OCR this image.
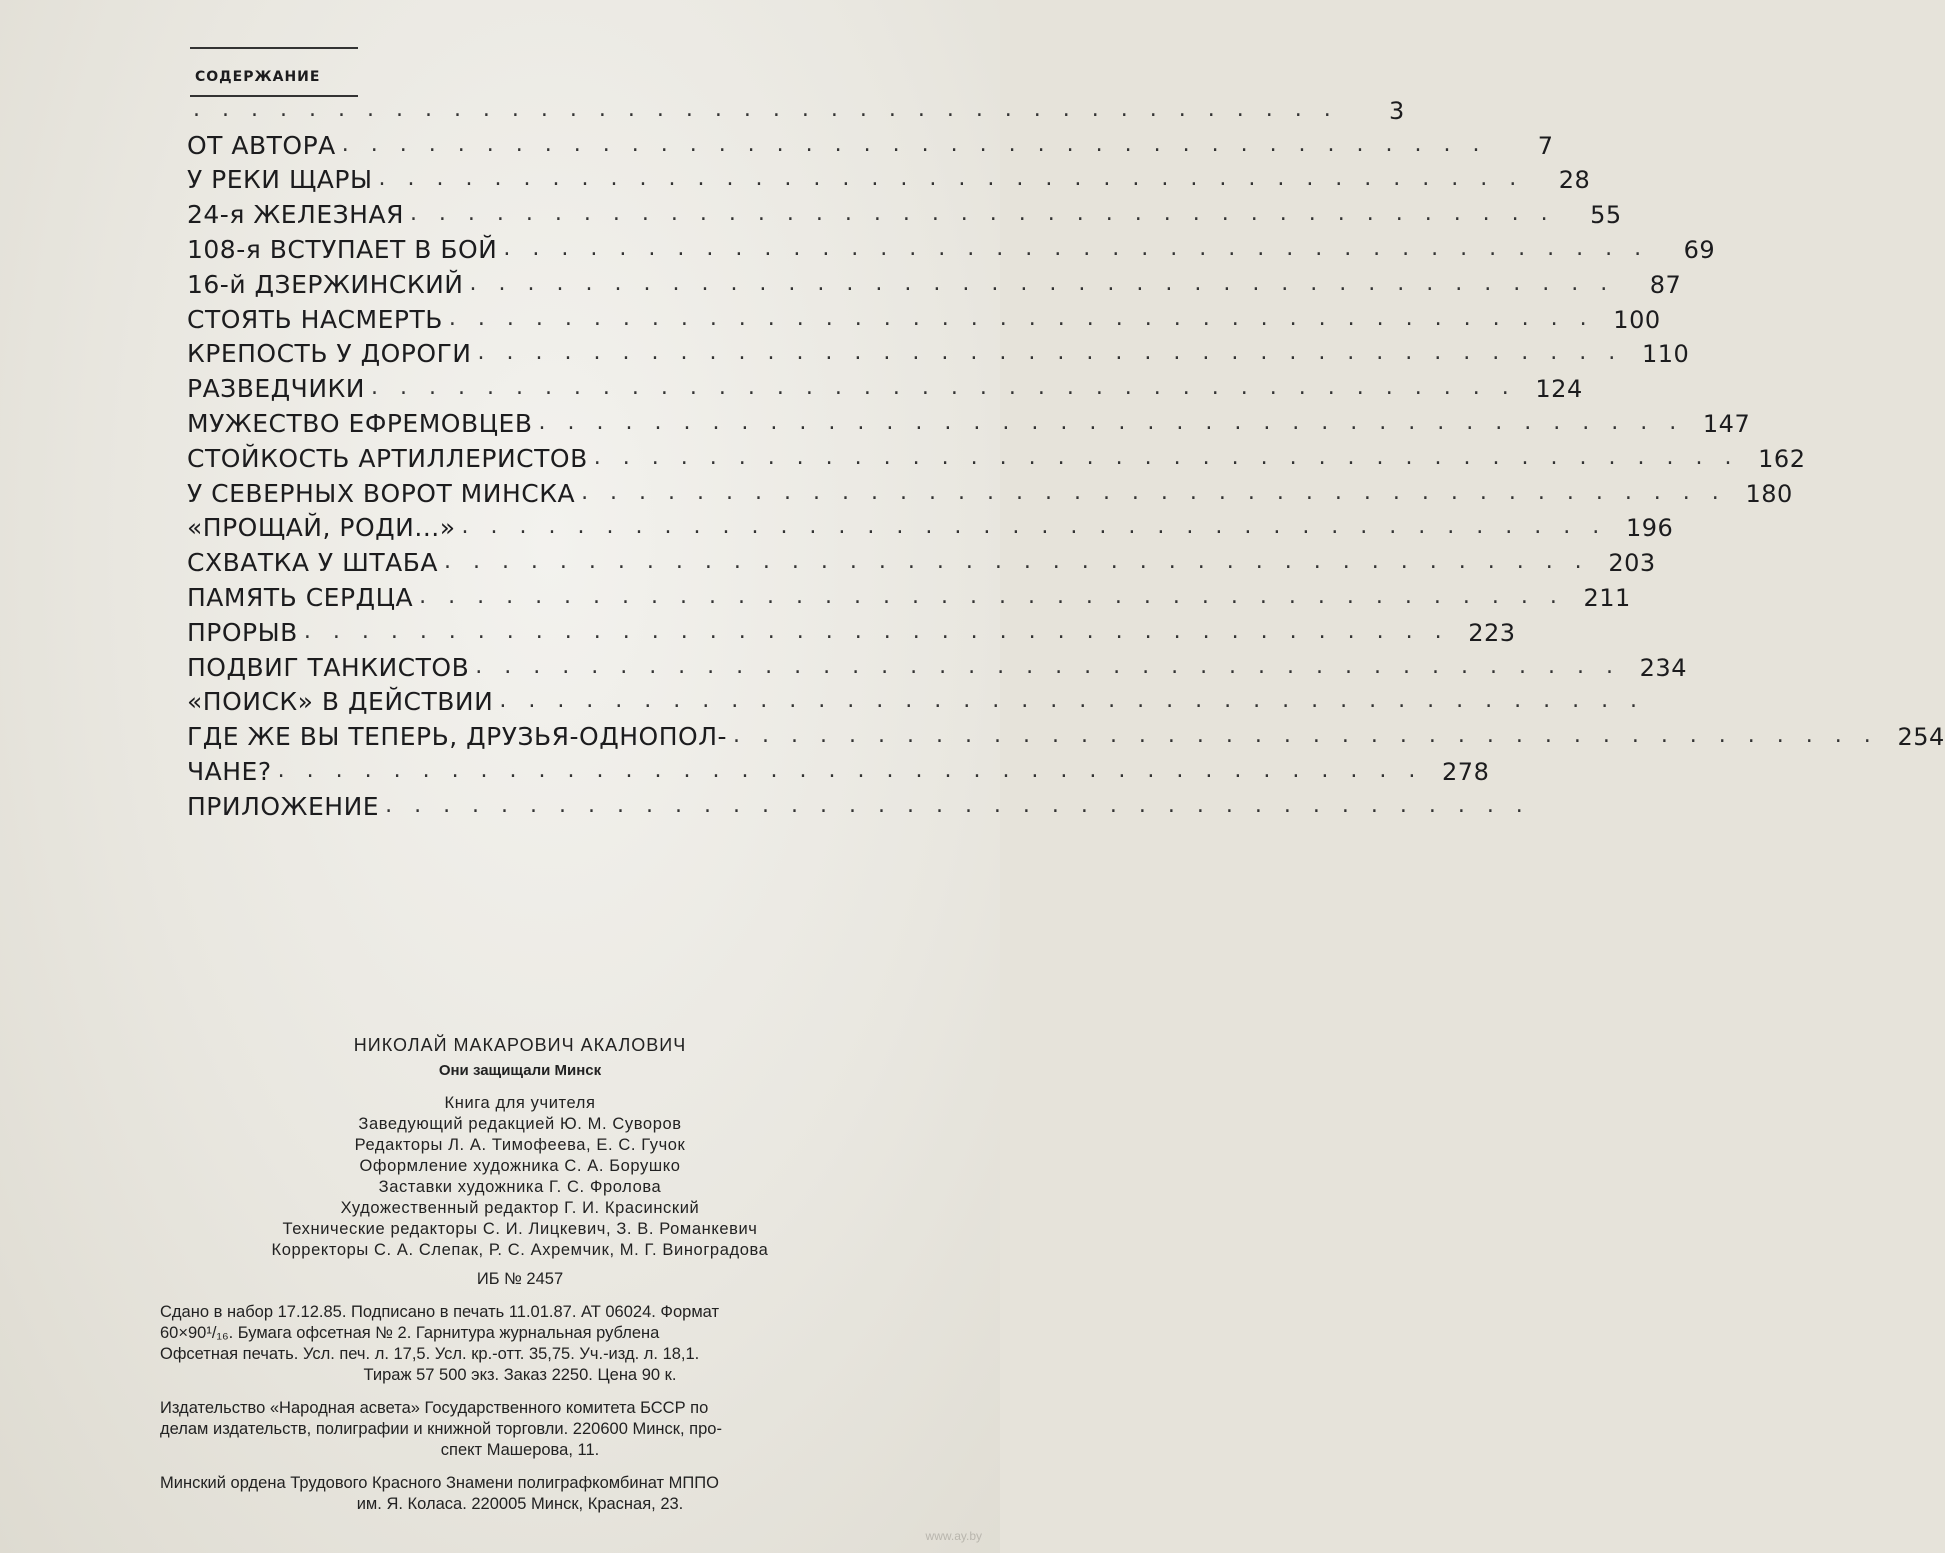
содержание
........................................	3
ОТ АВТОРА ........................................	7
У РЕКИ ЩАРЫ ........................................ 28
24-я ЖЕЛЕЗНАЯ ........................................ 55
108-я ВСТУПАЕТ В БОЙ ........................................ 69
16-й ДЗЕРЖИНСКИЙ ........................................ 87
СТОЯТЬ НАСМЕРТЬ ........................................ 100
КРЕПОСТЬ У ДОРОГИ ........................................ 110
РАЗВЕДЧИКИ ........................................ 124
МУЖЕСТВО ЕФРЕМОВЦЕВ ........................................ 147
СТОЙКОСТЬ АРТИЛЛЕРИСТОВ ........................................ 162
У СЕВЕРНЫХ ВОРОТ МИНСКА ........................................ 180
«ПРОЩАЙ, РОДИ...» ........................................ 196
СХВАТКА У ШТАБА ........................................ 203
ПАМЯТЬ СЕРДЦА ........................................ 211
ПРОРЫВ ........................................ 223
ПОДВИГ ТАНКИСТОВ ........................................ 234
«ПОИСК» В ДЕЙСТВИИ ........................................
ГДЕ ЖЕ ВЫ ТЕПЕРЬ, ДРУЗЬЯ-ОДНОПОЛ- ........................................ 254
ЧАНЕ? ........................................ 278
ПРИЛОЖЕНИЕ ........................................
НИКОЛАЙ МАКАРОВИЧ АКАЛОВИЧ
Они защищали Минск
Книга для учителя
Заведующий редакцией Ю. М. Суворов
Редакторы Л. А. Тимофеева, Е. С. Гучок
Оформление художника С. А. Борушко
Заставки художника Г. С. Фролова
Художественный редактор Г. И. Красинский
Технические редакторы С. И. Лицкевич, З. В. Романкевич
Корректоры С. А. Слепак, Р. С. Ахремчик, М. Г. Виноградова
ИБ № 2457
Сдано в набор 17.12.85. Подписано в печать 11.01.87. АТ 06024. Формат
60×90¹/₁₆. Бумага офсетная № 2. Гарнитура журнальная рублена
Офсетная печать. Усл. печ. л. 17,5. Усл. кр.-отт. 35,75. Уч.-изд. л. 18,1.
Тираж 57 500 экз. Заказ 2250. Цена 90 к.
Издательство «Народная асвета» Государственного комитета БССР по
делам издательств, полиграфии и книжной торговли. 220600 Минск, про-
спект Машерова, 11.
Минский ордена Трудового Красного Знамени полиграфкомбинат МППО
им. Я. Коласа. 220005 Минск, Красная, 23.
www.ay.by
